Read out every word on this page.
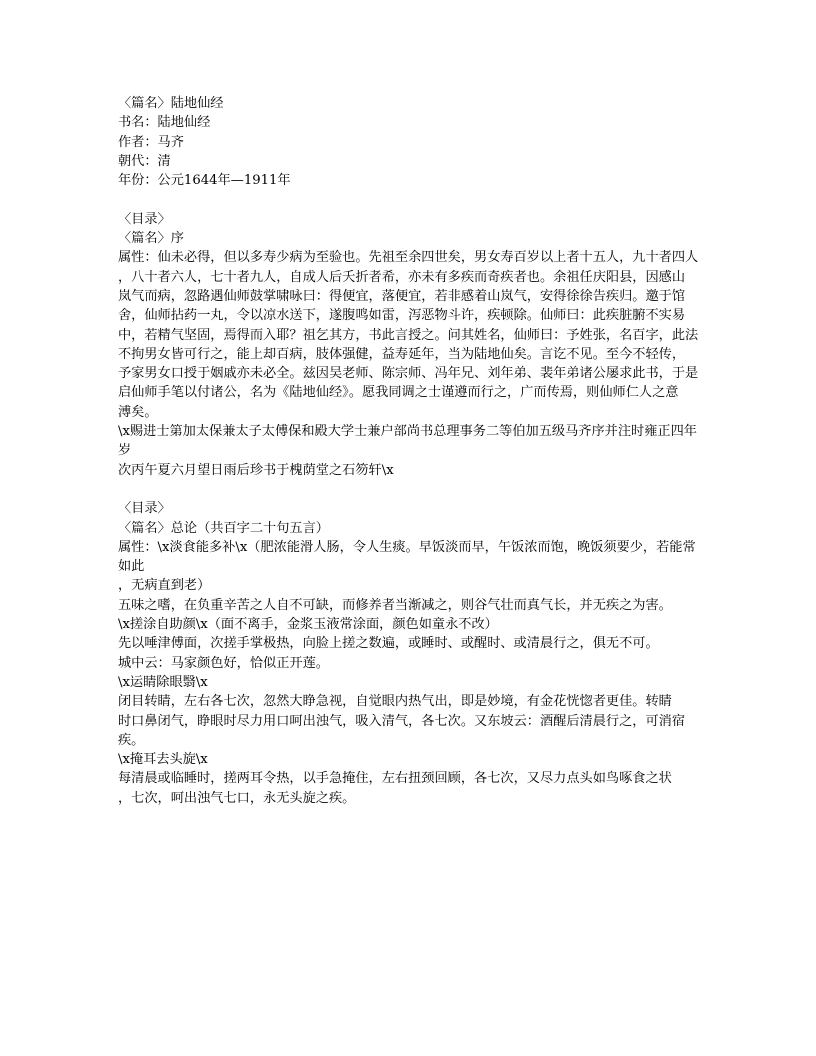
〈篇名〉陆地仙经

书名：陆地仙经

作者：马齐

朝代：清

年份：公元1644年—1911年

〈目录〉

〈篇名〉序

属性：仙未必得，但以多寿少病为至验也。先祖至余四世矣，男女寿百岁以上者十五人，九十者四人

，八十者六人，七十者九人，自成人后夭折者希，亦未有多疾而奇疾者也。余祖任庆阳县，因感山

岚气而病，忽路遇仙师鼓掌啸咏曰：得便宜，落便宜，若非感着山岚气，安得徐徐告疾归。邀于馆

舍，仙师拈药一丸，令以凉水送下，遂腹鸣如雷，泻恶物斗许，疾顿除。仙师曰：此疾脏腑不实易

中，若精气坚固，焉得而入耶？祖乞其方，书此言授之。问其姓名，仙师曰：予姓张，名百字，此法

不拘男女皆可行之，能上却百病，肢体强健，益寿延年，当为陆地仙矣。言讫不见。至今不轻传，

予家男女口授于姻戚亦未必全。兹因吴老师、陈宗师、冯年兄、刘年弟、裴年弟诸公屡求此书，于是

启仙师手笔以付诸公，名为《陆地仙经》。愿我同调之士谨遵而行之，广而传焉，则仙师仁人之意

溥矣。

\x赐进士第加太保兼太子太傅保和殿大学士兼户部尚书总理事务二等伯加五级马齐序并注时雍正四年岁

次丙午夏六月望日雨后珍书于槐荫堂之石笏轩\x

〈目录〉

〈篇名〉总论（共百字二十句五言）

属性：\x淡食能多补\x（肥浓能滑人肠，令人生痰。早饭淡而早，午饭浓而饱，晚饭须要少，若能常如此

，无病直到老）

五味之嗜，在负重辛苦之人自不可缺，而修养者当渐减之，则谷气壮而真气长，并无疾之为害。

\x搓涂自助颜\x（面不离手，金浆玉液常涂面，颜色如童永不改）

先以唾津傅面，次搓手掌极热，向脸上搓之数遍，或睡时、或醒时、或清晨行之，俱无不可。

城中云：马家颜色好，恰似正开莲。

\x运睛除眼翳\x

闭目转睛，左右各七次，忽然大睁急视，自觉眼内热气出，即是妙境，有金花恍惚者更佳。转睛

时口鼻闭气，睁眼时尽力用口呵出浊气，吸入清气，各七次。又东坡云：酒醒后清晨行之，可消宿疾。

\x掩耳去头旋\x

每清晨或临睡时，搓两耳令热，以手急掩住，左右扭颈回顾，各七次，又尽力点头如鸟啄食之状

，七次，呵出浊气七口，永无头旋之疾。
